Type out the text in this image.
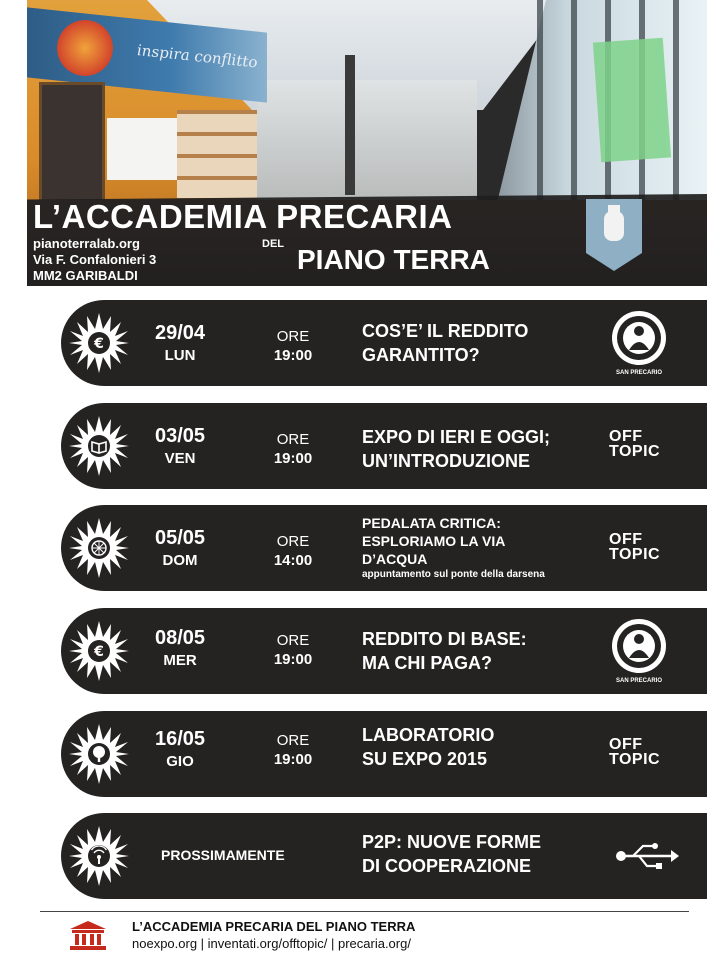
inspira conflitto
L’ACCADEMIA PRECARIA
DEL PIANO TERRA
pianoterralab.org
Via F. Confalonieri 3
MM2 GARIBALDI
€	29/04
LUN
ORE
19:00
COS’E’ IL REDDITO
GARANTITO?
SAN PRECARIO
03/05
VEN
ORE
19:00
EXPO DI IERI E OGGI;
UN’INTRODUZIONE
OFF
TOPIC
05/05
DOM
ORE
14:00
PEDALATA CRITICA:
ESPLORIAMO LA VIA
D’ACQUA
appuntamento sul ponte della darsena
OFF
TOPIC
€
08/05
MER
ORE
19:00
REDDITO DI BASE:
MA CHI PAGA?
SAN PRECARIO
16/05
GIO
ORE
19:00
LABORATORIO
SU EXPO 2015
OFF
TOPIC
PROSSIMAMENTE
P2P: NUOVE FORME
DI COOPERAZIONE
L’ACCADEMIA PRECARIA DEL PIANO TERRA
noexpo.org | inventati.org/offtopic/ | precaria.org/
